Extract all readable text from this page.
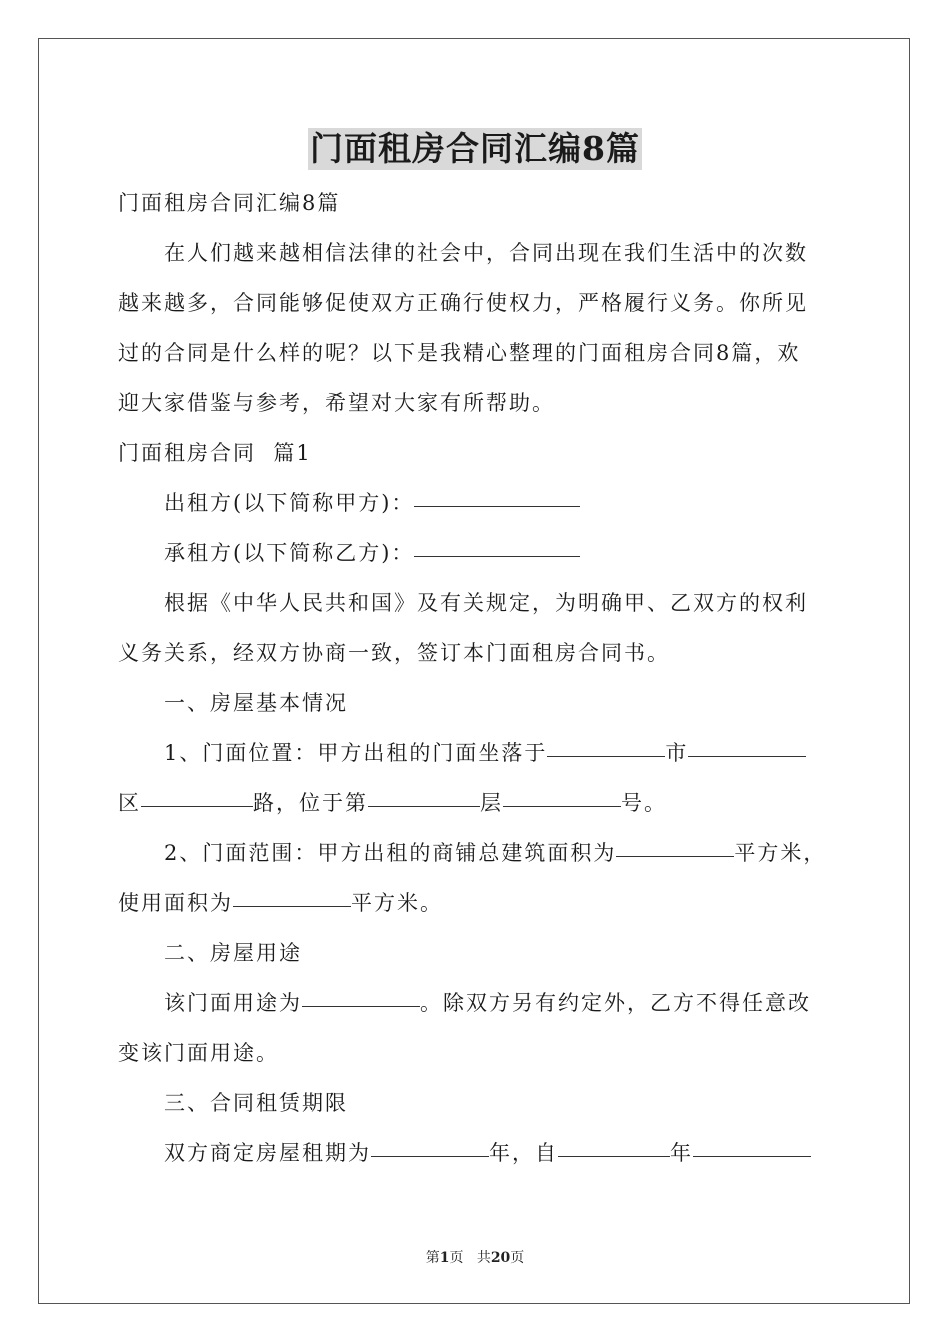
门面租房合同汇编8篇
门面租房合同汇编8篇
在人们越来越相信法律的社会中，合同出现在我们生活中的次数
越来越多，合同能够促使双方正确行使权力，严格履行义务。你所见
过的合同是什么样的呢？以下是我精心整理的门面租房合同8篇，欢
迎大家借鉴与参考，希望对大家有所帮助。
门面租房合同  篇1
出租方(以下简称甲方)：
承租方(以下简称乙方)：
根据《中华人民共和国》及有关规定，为明确甲、乙双方的权利
义务关系，经双方协商一致，签订本门面租房合同书。
一、房屋基本情况
1、门面位置：甲方出租的门面坐落于	市
区	路，位于第	层	号。
2、门面范围：甲方出租的商铺总建筑面积为	平方米，
使用面积为	平方米。
二、房屋用途
该门面用途为	。除双方另有约定外，乙方不得任意改
变该门面用途。
三、合同租赁期限
双方商定房屋租期为	年，自	年
第1页 共20页
